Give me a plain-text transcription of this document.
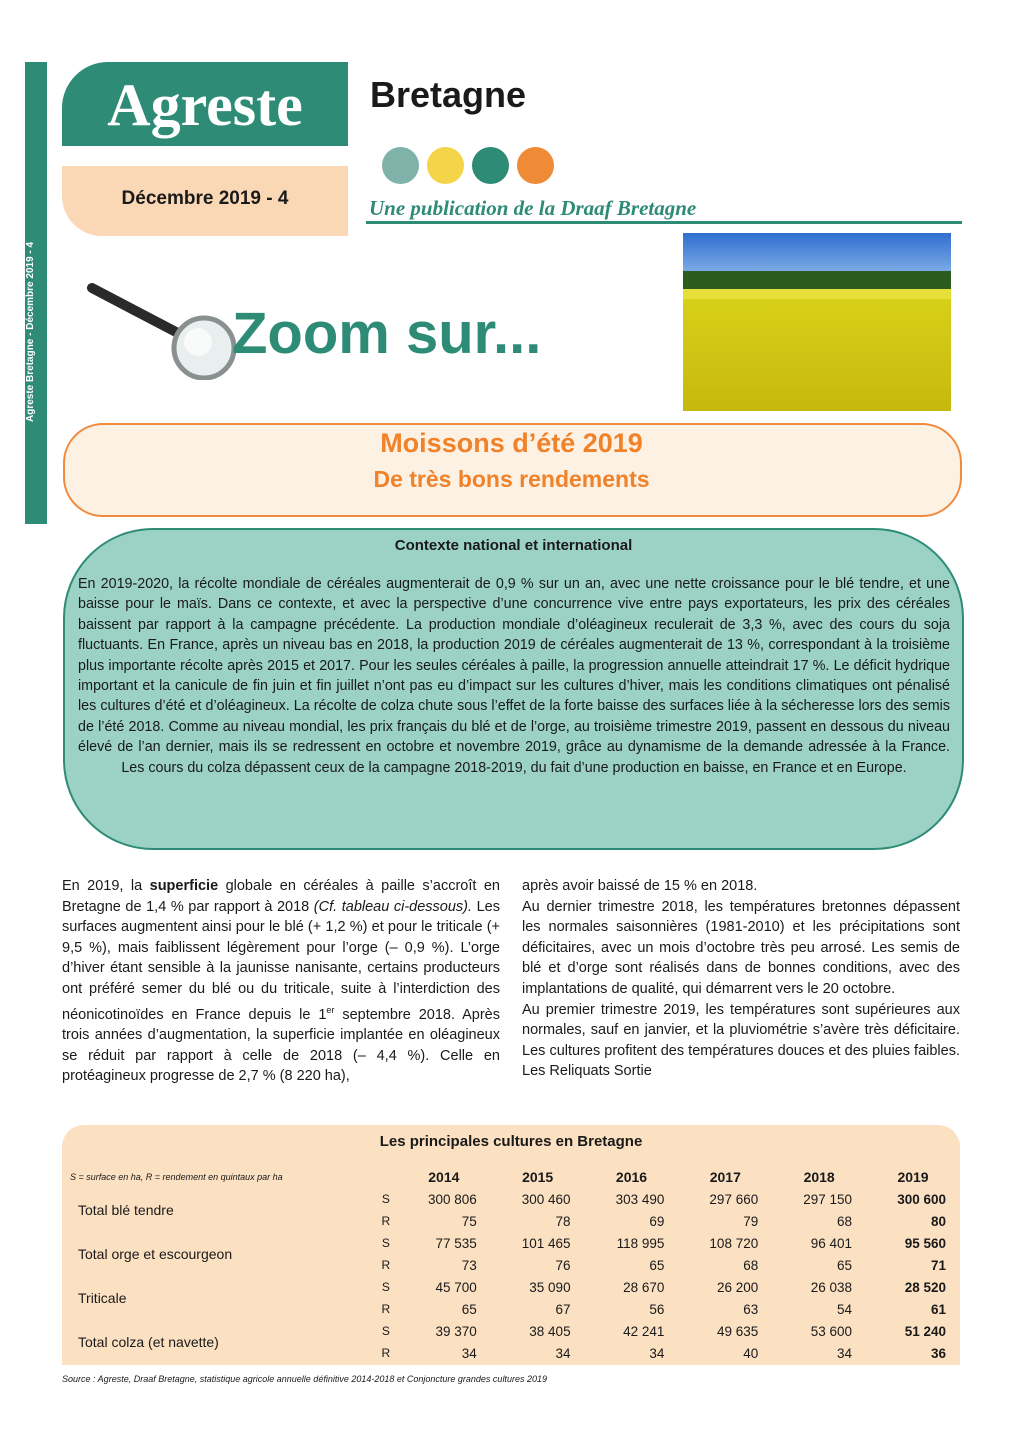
Agreste Bretagne - Décembre 2019 - 4
Agreste	Bretagne
Décembre 2019 - 4	Une publication de la Draaf Bretagne
Zoom sur...
Moissons d’été 2019
De très bons rendements
Contexte national et international
En 2019-2020, la récolte mondiale de céréales augmenterait de 0,9 % sur un an, avec une nette croissance pour le blé tendre, et une baisse pour le maïs. Dans ce contexte, et avec la perspective d’une concurrence vive entre pays exportateurs, les prix des céréales baissent par rapport à la campagne précédente. La production mondiale d’oléagineux reculerait de 3,3 %, avec des cours du soja fluctuants. En France, après un niveau bas en 2018, la production 2019 de céréales augmenterait de 13 %, correspondant à la troisième plus importante récolte après 2015 et 2017. Pour les seules céréales à paille, la progression annuelle atteindrait 17 %. Le déficit hydrique important et la canicule de fin juin et fin juillet n’ont pas eu d’impact sur les cultures d’hiver, mais les conditions climatiques ont pénalisé les cultures d’été et d’oléagineux. La récolte de colza chute sous l’effet de la forte baisse des surfaces liée à la sécheresse lors des semis de l’été 2018. Comme au niveau mondial, les prix français du blé et de l’orge, au troisième trimestre 2019, passent en dessous du niveau élevé de l’an dernier, mais ils se redressent en octobre et novembre 2019, grâce au dynamisme de la demande adressée à la France. Les cours du colza dépassent ceux de la campagne 2018-2019, du fait d’une production en baisse, en France et en Europe.

En 2019, la superficie globale en céréales à paille s’accroît en Bretagne de 1,4 % par rapport à 2018 (Cf. tableau ci-dessous). Les surfaces augmentent ainsi pour le blé (+ 1,2 %) et pour le triticale (+ 9,5 %), mais faiblissent légèrement pour l’orge (– 0,9 %). L’orge d’hiver étant sensible à la jaunisse nanisante, certains producteurs ont préféré semer du blé ou du triticale, suite à l’interdiction des néonicotinoïdes en France depuis le 1er septembre 2018. Après trois années d’augmentation, la superficie implantée en oléagineux se réduit par rapport à celle de 2018 (– 4,4 %). Celle en protéagineux progresse de 2,7 % (8 220 ha),

après avoir baissé de 15 % en 2018.

Au dernier trimestre 2018, les températures bretonnes dépassent les normales saisonnières (1981-2010) et les précipitations sont déficitaires, avec un mois d’octobre très peu arrosé. Les semis de blé et d’orge sont réalisés dans de bonnes conditions, avec des implantations de qualité, qui démarrent vers le 20 octobre.

Au premier trimestre 2019, les températures sont supérieures aux normales, sauf en janvier, et la pluviométrie s’avère très déficitaire. Les cultures profitent des températures douces et des pluies faibles. Les Reliquats Sortie

Les principales cultures en Bretagne
S = surface en ha, R = rendement en quintaux par ha		2014	2015	2016	2017	2018	2019
Total blé tendre	S	300 806	300 460	303 490	297 660	297 150	300 600
	R	75	78	69	79	68	80
Total orge et escourgeon	S	77 535	101 465	118 995	108 720	96 401	95 560
	R	73	76	65	68	65	71
Triticale	S	45 700	35 090	28 670	26 200	26 038	28 520
	R	65	67	56	63	54	61
Total colza (et navette)	S	39 370	38 405	42 241	49 635	53 600	51 240
	R	34	34	34	40	34	36
Source : Agreste, Draaf Bretagne, statistique agricole annuelle définitive 2014-2018 et Conjoncture grandes cultures 2019
